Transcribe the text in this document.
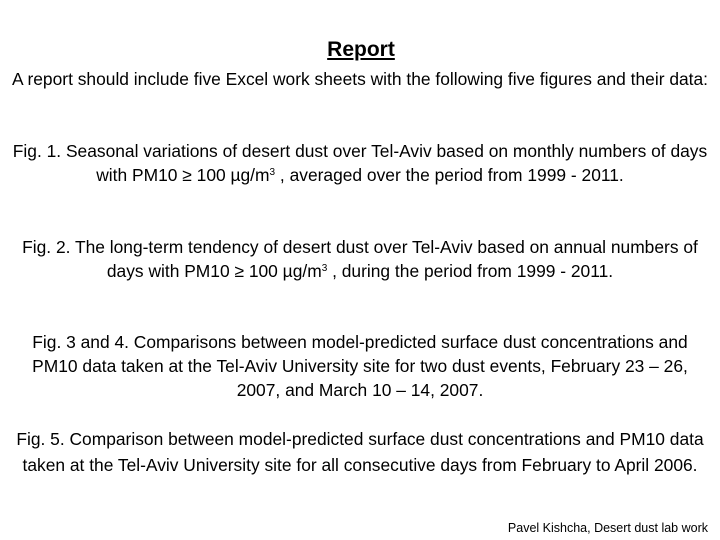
Report
A report should include five Excel work sheets with the following five figures and their data:
Fig. 1. Seasonal variations of desert dust over Tel-Aviv based on monthly numbers of days with PM10 ≥ 100 $\mu g/m^3$ , averaged over the period from 1999 - 2011.
Fig. 2. The long-term tendency of desert dust over Tel-Aviv based on annual numbers of days with PM10 ≥ 100 $\mu g/m^3$ , during the period from 1999 - 2011.
Fig. 3 and 4. Comparisons between model-predicted surface dust concentrations and PM10 data taken at the Tel-Aviv University site for two dust events, February 23 – 26, 2007, and March 10 – 14, 2007.
Fig. 5. Comparison between model-predicted surface dust concentrations and PM10 data taken at the Tel-Aviv University site for all consecutive days from February to April 2006.
Pavel Kishcha, Desert dust lab work
